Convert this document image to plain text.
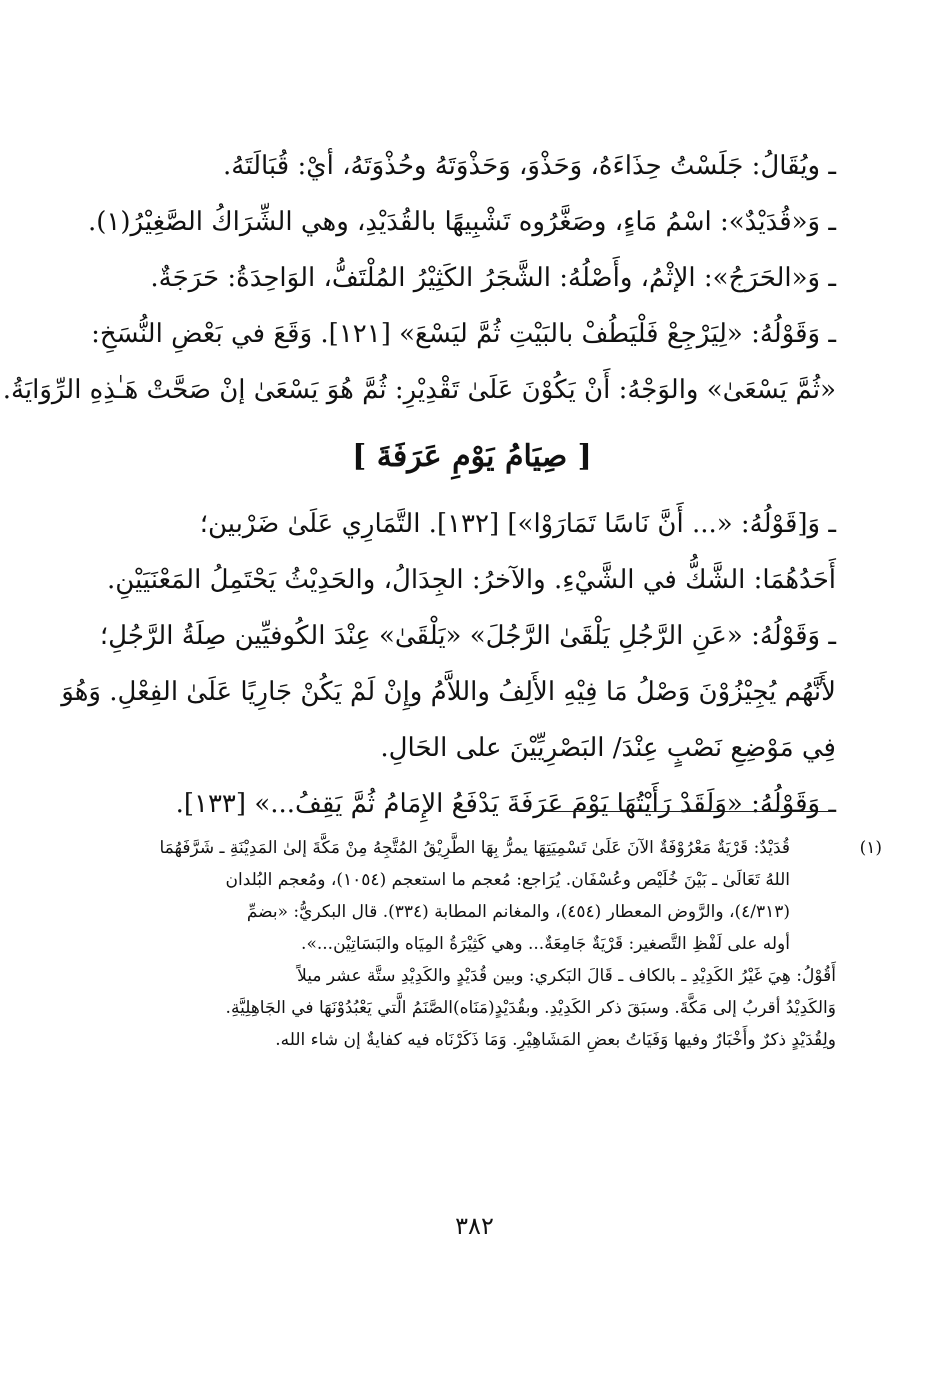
ـ ويُقَالُ: جَلَسْتُ حِذَاءَهُ، وَحَذْوَ، وَحَذْوَتَهُ وحُذْوَتَهُ، أيْ: قُبَالَتَهُ.
ـ وَ«قُدَيْدٌ»: اسْمُ مَاءٍ، وصَغَّرُوه تَشْبِيهًا بالقُدَيْدِ، وهي الشِّرَاكُ الصَّغِيْرُ(١).
ـ وَ«الحَرَجُ»: الإثْمُ، وأَصْلُهُ: الشَّجَرُ الكَثِيْرُ المُلْتَفُّ، الوَاحِدَةُ: حَرَجَةٌ.
ـ وَقَوْلُهُ: «لِيَرْجِعْ فَلْيَطُفْ بالبَيْتِ ثُمَّ ليَسْعَ» [١٢١]. وَقَعَ في بَعْضِ النُّسَخِ:
«ثُمَّ يَسْعَىٰ» والوَجْهُ: أَنْ يَكُوْنَ عَلَىٰ تَقْدِيْرِ: ثُمَّ هُوَ يَسْعَىٰ إنْ صَحَّتْ هَـٰذِهِ الرِّوَايَةُ.
[ صِيَامُ يَوْمِ عَرَفَةَ ]
ـ وَ[قَوْلُهُ: «... أَنَّ نَاسًا تَمَارَوْا»] [١٣٢]. التَّمَارِي عَلَىٰ ضَرْبين؛
أَحَدُهُمَا: الشَّكُّ في الشَّيْءِ. والآخرُ: الجِدَالُ، والحَدِيْثُ يَحْتَمِلُ المَعْنَيَيْنِ.
ـ وَقَوْلُهُ: «عَنِ الرَّجُلِ يَلْقَىٰ الرَّجُلَ» «يَلْقَىٰ» عِنْدَ الكُوفيِّين صِلَةُ الرَّجُلِ؛
لأَنَّهُم يُجِيْزُوْنَ وَصْلُ مَا فِيْهِ الأَلِفُ واللاَّمُ وإِنْ لَمْ يَكُنْ جَارِيًا عَلَىٰ الفِعْلِ. وَهُوَ
فِي مَوْضِعِ نَصْبٍ عِنْدَ/ البَصْرِيِّيْنَ على الحَالِ.
ـ وَقَوْلُهُ: «وَلَقَدْ رَأَيْتُهَا يَوْمَ عَرَفَةَ يَدْفَعُ الإِمَامُ ثُمَّ يَقِفُ...» [١٣٣].
(١)قُدَيْدٌ: قَرْيَةٌ مَعْرُوْفَةٌ الآنَ عَلَىٰ تَسْمِيَتِهَا يمرُّ بِهَا الطَّرِيْقُ المُتَّجِهُ مِنْ مَكَّةَ إلىٰ المَدِيْنَةِ ـ شَرَّفَهُمَا
اللهُ تَعَالَىٰ ـ بَيْنَ خُلَيْص وعُسْفَان. يُرَاجع: مُعجم ما استعجم (١٠٥٤)، ومُعجم البُلدان
(٤/٣١٣)، والرَّوض المعطار (٤٥٤)، والمغانم المطابة (٣٣٤). قال البكريُّ: «بضمِّ
أوله على لَفْظِ التَّصغير: قَرْيَةٌ جَامِعَةٌ... وهي كَثِيْرَةُ المِيَاه والبَسَاتِيْن...».
أَقُوْلُ: هِيَ غَيْرُ الكَدِيْدِ ـ بالكاف ـ قَالَ البَكري: وبين قُدَيْدٍ والكَدِيْدِ ستَّة عشر ميلاً
وَالكَدِيْدُ أقربُ إلى مَكَّةَ. وسبَقَ ذكر الكَدِيْدِ. وبقُدَيْدٍ(مَنَاه)الصَّنَمُ الَّتي يَعْبُدُوْنَهَا في الجَاهِلِيَّةِ.
ولِقُدَيْدٍ ذكرٌ وأَخْبَارٌ وفيها وَفَيَاتُ بعضِ المَشَاهِيْرِ. وَمَا ذَكَرْنَاه فيه كفايةٌ إن شاء الله.
٣٨٢
